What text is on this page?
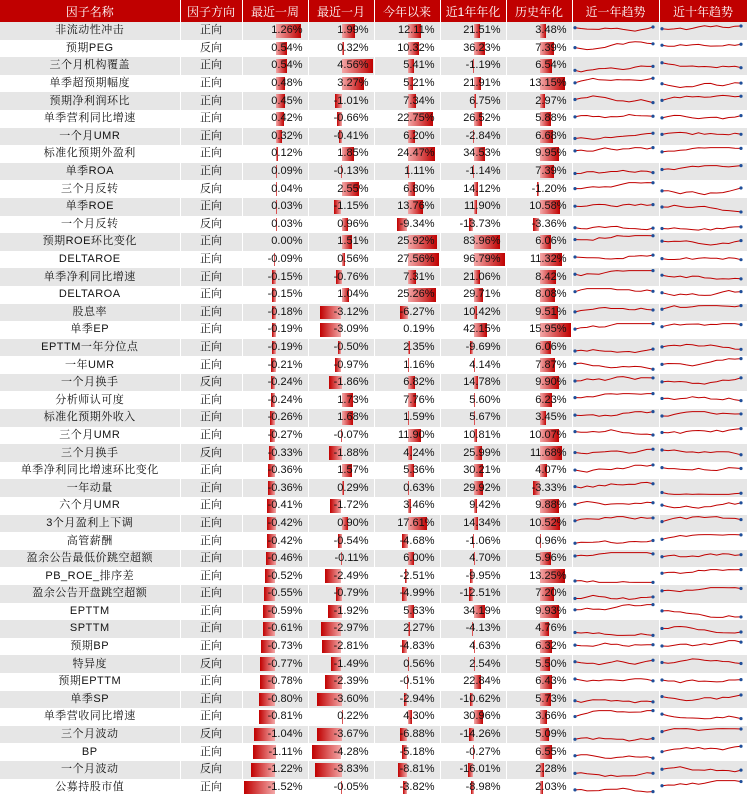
因子名称	因子方向	最近一周	最近一月	今年以来	近1年年化	历史年化	近一年趋势	近十年趋势
非流动性冲击	正向	1.26%	1.99%	12.11%	21.51%	3.48%	

预期PEG	反向	0.54%	0.32%	10.32%	36.23%	7.39%	

三个月机构覆盖	正向	0.54%	4.56%	5.41%	-1.19%	6.54%	

单季超预期幅度	正向	0.48%	3.27%	5.21%	21.91%	13.15%	

预期净利润环比	正向	0.45%	-1.01%	7.34%	6.75%	2.97%	

单季营利同比增速	正向	0.42%	-0.66%	22.75%	26.52%	5.88%	

一个月UMR	正向	0.32%	-0.41%	6.20%	-2.84%	6.68%	

标准化预期外盈利	正向	0.12%	1.85%	24.47%	34.53%	9.95%	

单季ROA	正向	0.09%	-0.13%	1.11%	-1.14%	7.39%	

三个月反转	反向	0.04%	2.55%	6.80%	14.12%	-1.20%	

单季ROE	正向	0.03%	-1.15%	13.76%	11.90%	10.58%	

一个月反转	反向	0.03%	0.96%	-9.34%	-13.73%	-3.36%	

预期ROE环比变化	正向	0.00%	1.51%	25.92%	83.96%	6.06%	

DELTAROE	正向	-0.09%	0.56%	27.56%	96.79%	11.32%	

单季净利同比增速	正向	-0.15%	-0.76%	7.31%	21.06%	8.42%	

DELTAROA	正向	-0.15%	1.04%	25.26%	29.71%	8.08%	

股息率	正向	-0.18%	-3.12%	-6.27%	10.42%	9.51%	

单季EP	正向	-0.19%	-3.09%	0.19%	42.15%	15.95%	

EPTTM一年分位点	正向	-0.19%	-0.50%	2.35%	-9.69%	6.06%	

一年UMR	正向	-0.21%	-0.97%	1.16%	4.14%	7.87%	

一个月换手	反向	-0.24%	-1.86%	6.82%	14.78%	9.90%	

分析师认可度	正向	-0.24%	1.73%	7.76%	5.60%	6.23%	

标准化预期外收入	正向	-0.26%	1.68%	1.59%	5.67%	3.45%	

三个月UMR	正向	-0.27%	-0.07%	11.90%	10.81%	10.07%	

三个月换手	反向	-0.33%	-1.88%	4.24%	25.99%	11.68%	

单季净利同比增速环比变化	正向	-0.36%	1.57%	5.36%	30.21%	4.07%	

一年动量	正向	-0.36%	0.29%	0.63%	29.92%	-3.33%	

六个月UMR	正向	-0.41%	-1.72%	3.46%	9.42%	9.88%	

3个月盈利上下调	正向	-0.42%	0.90%	17.61%	14.34%	10.52%	

高管薪酬	正向	-0.42%	-0.54%	-4.68%	-1.06%	0.96%	

盈余公告最低价跳空超额	正向	-0.46%	-0.11%	6.00%	4.70%	5.96%	

PB_ROE_排序差	正向	-0.52%	-2.49%	-2.51%	-9.95%	13.25%	

盈余公告开盘跳空超额	正向	-0.55%	-0.79%	-4.99%	-12.51%	7.20%	

EPTTM	正向	-0.59%	-1.92%	5.63%	34.19%	9.93%	

SPTTM	正向	-0.61%	-2.97%	2.27%	-4.13%	4.76%	

预期BP	正向	-0.73%	-2.81%	-4.83%	4.63%	6.32%	

特异度	反向	-0.77%	-1.49%	0.56%	2.54%	5.50%	

预期EPTTM	正向	-0.78%	-2.39%	-0.51%	22.84%	6.43%	

单季SP	正向	-0.80%	-3.60%	-2.94%	-10.62%	5.73%	

单季营收同比增速	正向	-0.81%	0.22%	4.30%	30.96%	3.66%	

三个月波动	反向	-1.04%	-3.67%	-6.88%	-14.26%	5.09%	

BP	正向	-1.11%	-4.28%	-5.18%	-0.27%	6.55%	

一个月波动	反向	-1.22%	-3.83%	-8.81%	-16.01%	2.28%	

公募持股市值	正向	-1.52%	-0.05%	-3.82%	-8.98%	2.03%	
